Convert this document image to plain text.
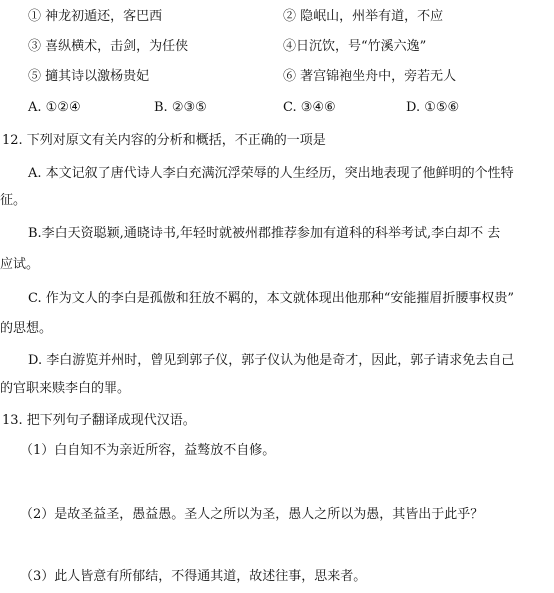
① 神龙初遁还，客巴西	② 隐岷山，州举有道，不应
③ 喜纵横术，击剑，为任侠	④日沉饮，号“竹溪六逸”
⑤ 擿其诗以激杨贵妃	⑥ 著宫锦袍坐舟中，旁若无人
A. ①②④	B. ②③⑤	C. ③④⑥	D. ①⑤⑥
12. 下列对原文有关内容的分析和概括，不正确的一项是
A. 本文记叙了唐代诗人李白充满沉浮荣辱的人生经历，突出地表现了他鲜明的个性特
征。
B.李白天资聪颖,通晓诗书,年轻时就被州郡推荐参加有道科的科举考试,李白却不 去
应试。
C. 作为文人的李白是孤傲和狂放不羁的，本文就体现出他那种“安能摧眉折腰事权贵”
的思想。
D. 李白游览并州时，曾见到郭子仪，郭子仪认为他是奇才，因此，郭子请求免去自己
的官职来赎李白的罪。
13. 把下列句子翻译成现代汉语。
（1）白自知不为亲近所容，益骜放不自修。
（2）是故圣益圣，愚益愚。圣人之所以为圣，愚人之所以为愚，其皆出于此乎？
（3）此人皆意有所郁结，不得通其道，故述往事，思来者。
